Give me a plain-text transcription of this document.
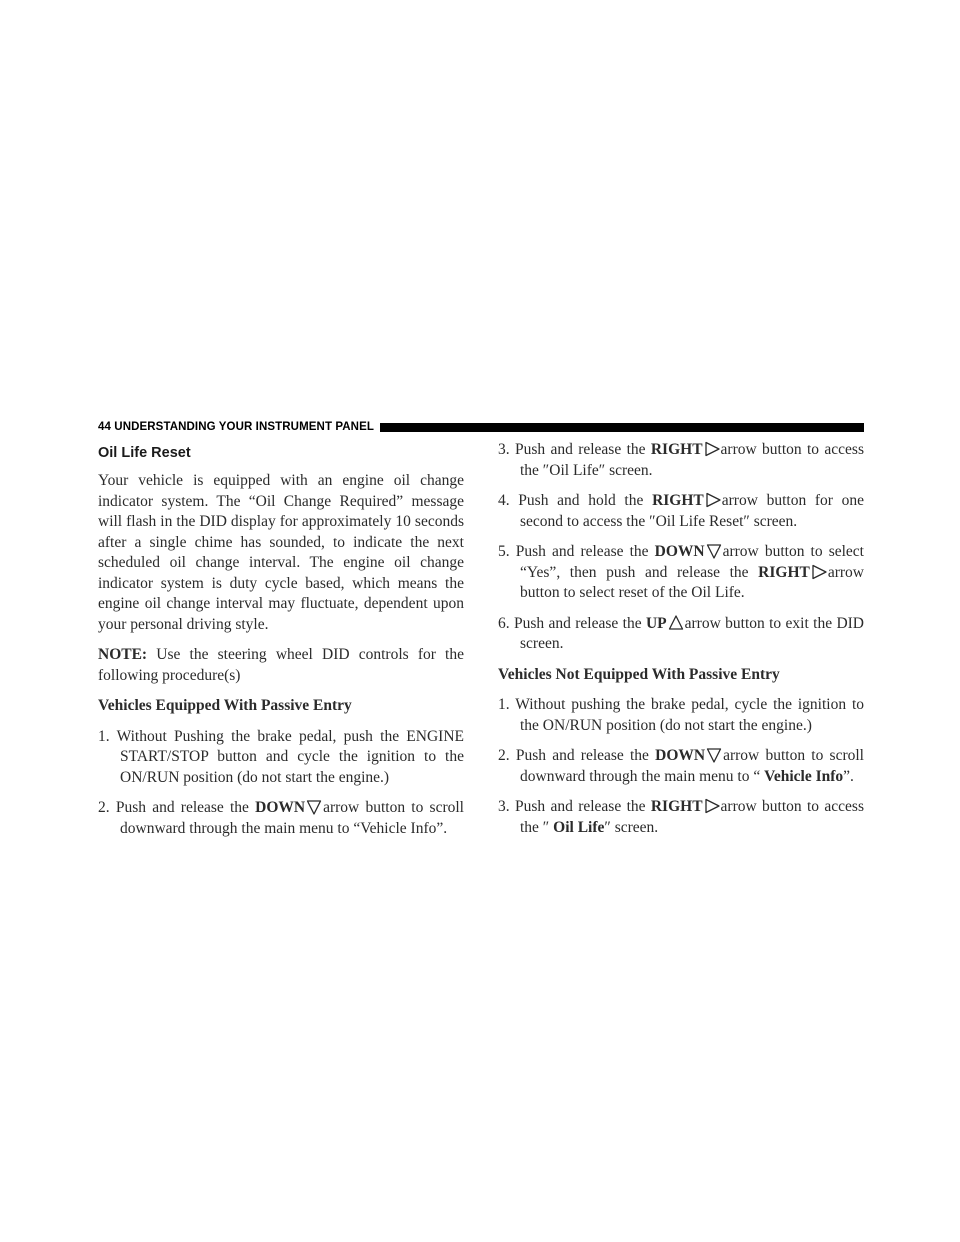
44 UNDERSTANDING YOUR INSTRUMENT PANEL
Oil Life Reset

Your vehicle is equipped with an engine oil change indicator system. The “Oil Change Required” message will flash in the DID display for approximately 10 seconds after a single chime has sounded, to indicate the next scheduled oil change interval. The engine oil change indicator system is duty cycle based, which means the engine oil change interval may fluctuate, dependent upon your personal driving style.

NOTE: Use the steering wheel DID controls for the following procedure(s)

Vehicles Equipped With Passive Entry
1. Without Pushing the brake pedal, push the ENGINE START/STOP button and cycle the ignition to the ON/RUN position (do not start the engine.)
2. Push and release the DOWN arrow button to scroll downward through the main menu to “Vehicle Info”.
3. Push and release the RIGHT arrow button to access the ″Oil Life″ screen.
4. Push and hold the RIGHT arrow button for one second to access the ″Oil Life Reset″ screen.
5. Push and release the DOWN arrow button to select “Yes”, then push and release the RIGHT arrow button to select reset of the Oil Life.
6. Push and release the UP arrow button to exit the DID screen.
Vehicles Not Equipped With Passive Entry
1. Without pushing the brake pedal, cycle the ignition to the ON/RUN position (do not start the engine.)
2. Push and release the DOWN arrow button to scroll downward through the main menu to “ Vehicle Info”.
3. Push and release the RIGHT arrow button to access the ″ Oil Life″ screen.
